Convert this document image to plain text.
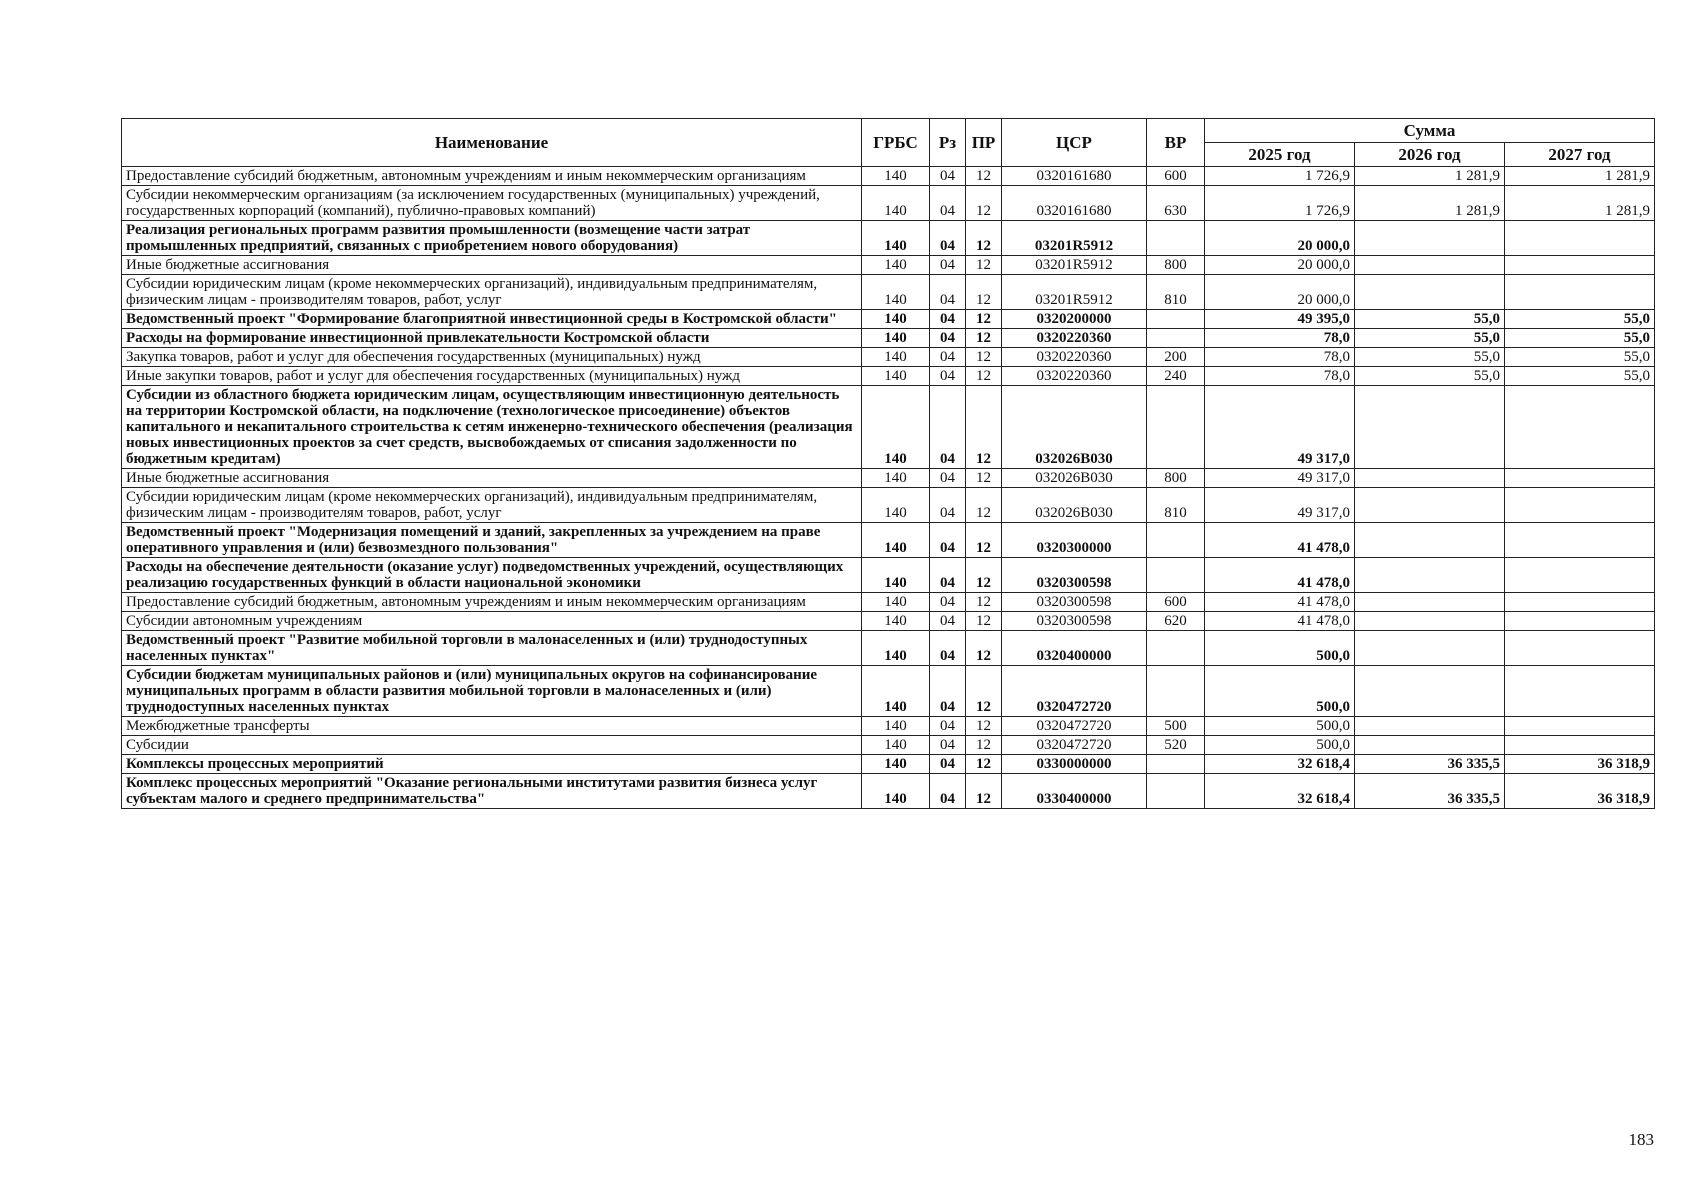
Наименование	ГРБС	Рз	ПР	ЦСР	ВР	Сумма		
						2025 год	2026 год	2027 год
Предоставление субсидий бюджетным, автономным учреждениям и иным некоммерческим организациям	140	04	12	0320161680	600	1 726,9	1 281,9	1 281,9
Субсидии некоммерческим организациям (за исключением государственных (муниципальных) учреждений, государственных корпораций (компаний), публично-правовых компаний)	140	04	12	0320161680	630	1 726,9	1 281,9	1 281,9
Реализация региональных программ развития промышленности (возмещение части затрат промышленных предприятий, связанных с приобретением нового оборудования)	140	04	12	03201R5912		20 000,0		
Иные бюджетные ассигнования	140	04	12	03201R5912	800	20 000,0		
Субсидии юридическим лицам (кроме некоммерческих организаций), индивидуальным предпринимателям, физическим лицам - производителям товаров, работ, услуг	140	04	12	03201R5912	810	20 000,0		
Ведомственный проект "Формирование благоприятной инвестиционной среды в Костромской области"	140	04	12	0320200000		49 395,0	55,0	55,0
Расходы на формирование инвестиционной привлекательности Костромской области	140	04	12	0320220360		78,0	55,0	55,0
Закупка товаров, работ и услуг для обеспечения государственных (муниципальных) нужд	140	04	12	0320220360	200	78,0	55,0	55,0
Иные закупки товаров, работ и услуг для обеспечения государственных (муниципальных) нужд	140	04	12	0320220360	240	78,0	55,0	55,0
Субсидии из областного бюджета юридическим лицам, осуществляющим инвестиционную деятельность на территории Костромской области, на подключение (технологическое присоединение) объектов капитального и некапитального строительства к сетям инженерно-технического обеспечения (реализация новых инвестиционных проектов за счет средств, высвобождаемых от списания задолженности по бюджетным кредитам)	140	04	12	032026B030		49 317,0		
Иные бюджетные ассигнования	140	04	12	032026B030	800	49 317,0		
Субсидии юридическим лицам (кроме некоммерческих организаций), индивидуальным предпринимателям, физическим лицам - производителям товаров, работ, услуг	140	04	12	032026B030	810	49 317,0		
Ведомственный проект "Модернизация помещений и зданий, закрепленных за учреждением на праве оперативного управления и (или) безвозмездного пользования"	140	04	12	0320300000		41 478,0		
Расходы на обеспечение деятельности (оказание услуг) подведомственных учреждений, осуществляющих реализацию государственных функций в области национальной экономики	140	04	12	0320300598		41 478,0		
Предоставление субсидий бюджетным, автономным учреждениям и иным некоммерческим организациям	140	04	12	0320300598	600	41 478,0		
Субсидии автономным учреждениям	140	04	12	0320300598	620	41 478,0		
Ведомственный проект "Развитие мобильной торговли в малонаселенных и (или) труднодоступных населенных пунктах"	140	04	12	0320400000		500,0		
Субсидии бюджетам муниципальных районов и (или) муниципальных округов на софинансирование муниципальных программ в области развития мобильной торговли в малонаселенных и (или) труднодоступных населенных пунктах	140	04	12	0320472720		500,0		
Межбюджетные трансферты	140	04	12	0320472720	500	500,0		
Субсидии	140	04	12	0320472720	520	500,0		
Комплексы процессных мероприятий	140	04	12	0330000000		32 618,4	36 335,5	36 318,9
Комплекс процессных мероприятий "Оказание региональными институтами развития бизнеса услуг субъектам малого и среднего предпринимательства"	140	04	12	0330400000		32 618,4	36 335,5	36 318,9
183
